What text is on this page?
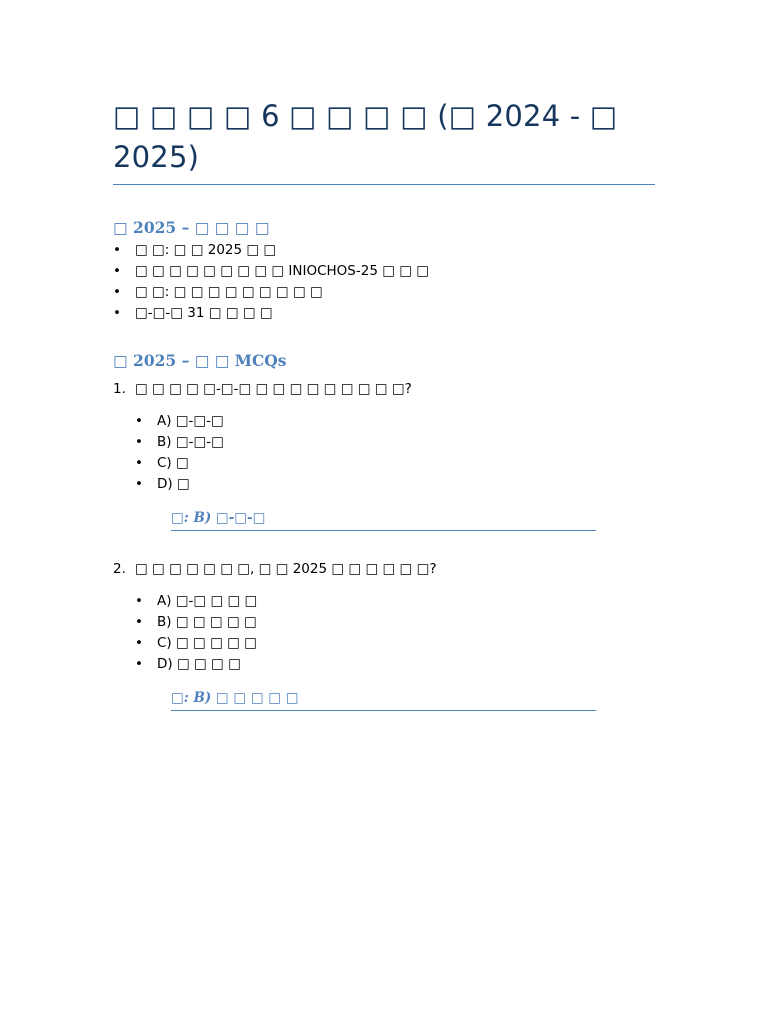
□ □ □ □ 6 □ □ □ □ (□ 2024 - □ 2025)
□ 2025 – □ □ □ □
• □ □: □ □ 2025 □ □
• □ □ □ □ □ □ □ □ □ INIOCHOS-25 □ □ □
• □ □: □ □ □ □ □ □ □ □ □
• □-□-□ 31 □ □ □ □
□ 2025 – □ □ MCQs
1. □ □ □ □ □-□-□ □ □ □ □ □ □ □ □ □?
• A) □-□-□
• B) □-□-□
• C) □
• D) □
□: B) □-□-□
2. □ □ □ □ □ □ □, □ □ 2025 □ □ □ □ □ □?
• A) □-□ □ □ □
• B) □ □ □ □ □
• C) □ □ □ □ □
• D) □ □ □ □
□: B) □ □ □ □ □
